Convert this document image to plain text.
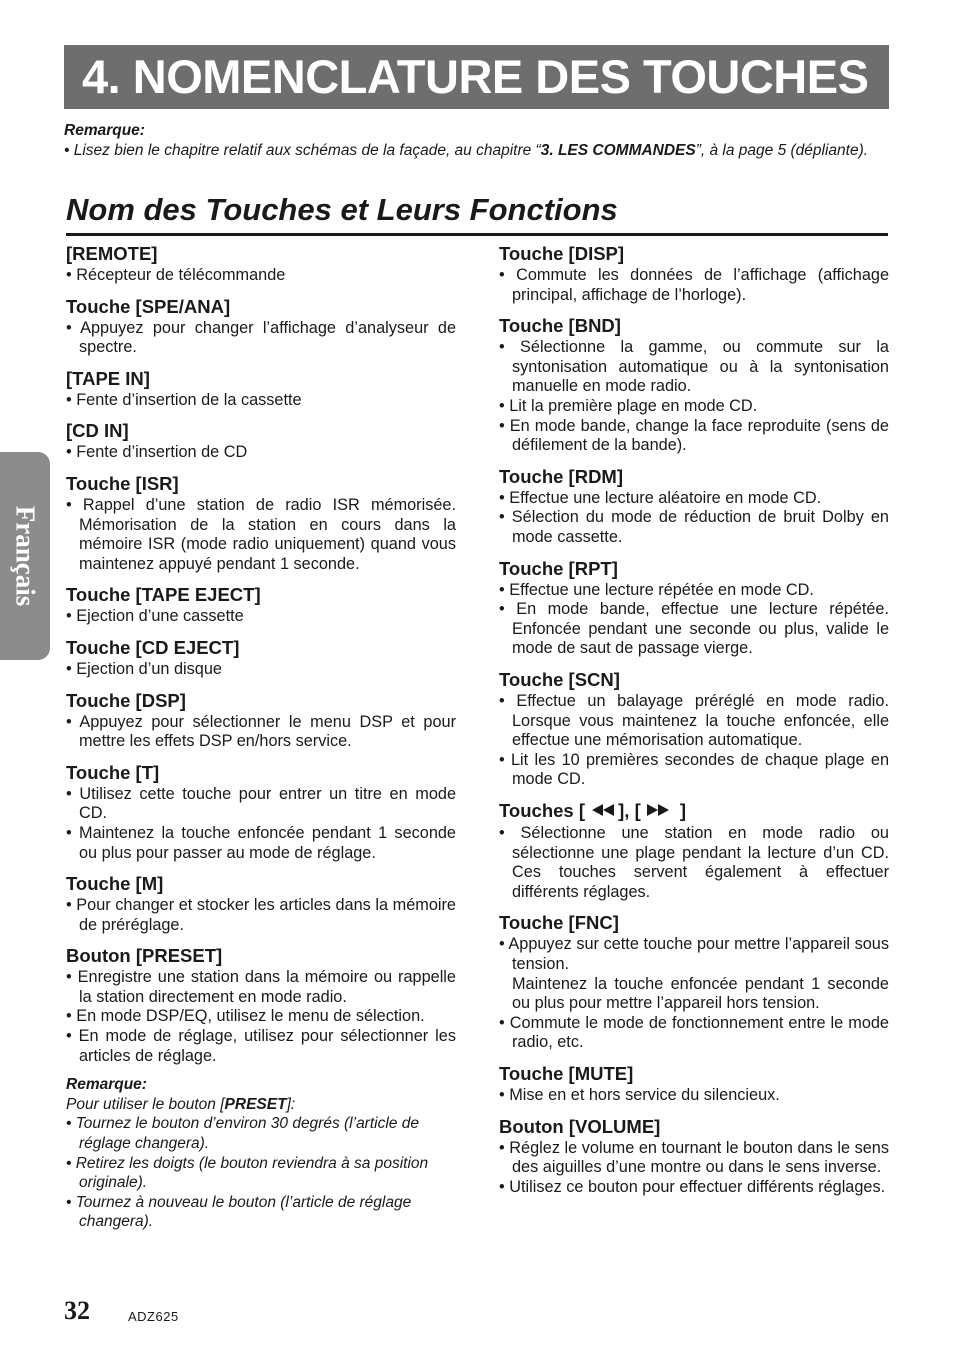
4. NOMENCLATURE DES TOUCHES
Français
Remarque:
• Lisez bien le chapitre relatif aux schémas de la façade, au chapitre “3. LES COMMANDES”, à la page 5 (dépliante).
Nom des Touches et Leurs Fonctions
[REMOTE]
• Récepteur de télécommande
Touche [SPE/ANA]
• Appuyez pour changer l’affichage d’analyseur de spectre.
[TAPE IN]
• Fente d’insertion de la cassette
[CD IN]
• Fente d’insertion de CD
Touche [ISR]
• Rappel d’une station de radio ISR mémorisée. Mémorisation de la station en cours dans la mémoire ISR (mode radio uniquement) quand vous maintenez appuyé pendant 1 seconde.
Touche [TAPE EJECT]
• Ejection d’une cassette
Touche [CD EJECT]
• Ejection d’un disque
Touche [DSP]
• Appuyez pour sélectionner le menu DSP et pour mettre les effets DSP en/hors service.
Touche [T]
• Utilisez cette touche pour entrer un titre en mode CD.
• Maintenez la touche enfoncée pendant 1 seconde ou plus pour passer au mode de réglage.
Touche [M]
• Pour changer et stocker les articles dans la mémoire de préréglage.
Bouton [PRESET]
• Enregistre une station dans la mémoire ou rappelle la station directement en mode radio.
• En mode DSP/EQ, utilisez le menu de sélection.
• En mode de réglage, utilisez pour sélectionner les articles de réglage.
Remarque:
Pour utiliser le bouton [PRESET]:
• Tournez le bouton d’environ 30 degrés (l’article de réglage changera).
• Retirez les doigts (le bouton reviendra à sa position originale).
• Tournez à nouveau le bouton (l’article de réglage changera).
Touche [DISP]
• Commute les données de l’affichage (affichage principal, affichage de l’horloge).
Touche [BND]
• Sélectionne la gamme, ou commute sur la syntonisation automatique ou à la syntonisation manuelle en mode radio.
• Lit la première plage en mode CD.
• En mode bande, change la face reproduite (sens de défilement de la bande).
Touche [RDM]
• Effectue une lecture aléatoire en mode CD.
• Sélection du mode de réduction de bruit Dolby en mode cassette.
Touche [RPT]
• Effectue une lecture répétée en mode CD.
• En mode bande, effectue une lecture répétée. Enfoncée pendant une seconde ou plus, valide le mode de saut de passage vierge.
Touche [SCN]
• Effectue un balayage préréglé en mode radio. Lorsque vous maintenez la touche enfoncée, elle effectue une mémorisation automatique.
• Lit les 10 premières secondes de chaque plage en mode CD.
Touches [ ], [ ]
• Sélectionne une station en mode radio ou sélectionne une plage pendant la lecture d’un CD. Ces touches servent également à effectuer différents réglages.
Touche [FNC]
• Appuyez sur cette touche pour mettre l’appareil sous tension.
Maintenez la touche enfoncée pendant 1 seconde ou plus pour mettre l’appareil hors tension.
• Commute le mode de fonctionnement entre le mode radio, etc.
Touche [MUTE]
• Mise en et hors service du silencieux.
Bouton [VOLUME]
• Réglez le volume en tournant le bouton dans le sens des aiguilles d’une montre ou dans le sens inverse.
• Utilisez ce bouton pour effectuer différents réglages.
32	ADZ625
